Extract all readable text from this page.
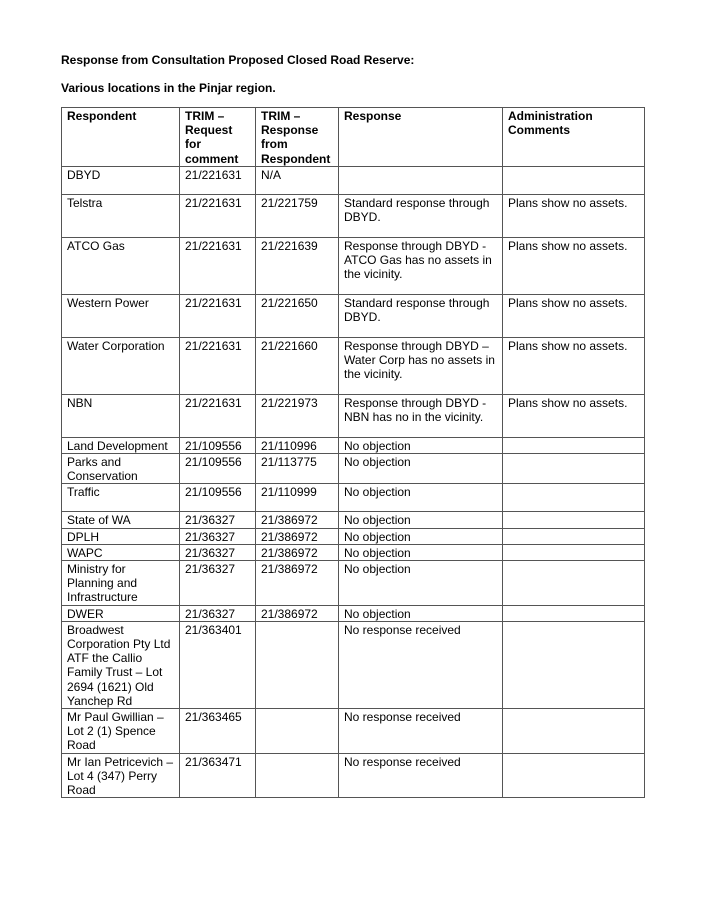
Response from Consultation Proposed Closed Road Reserve:

Various locations in the Pinjar region.

Respondent	TRIM – Request for comment	TRIM – Response from Respondent	Response	Administration Comments
DBYD	21/221631	N/A		
Telstra	21/221631	21/221759	Standard response through DBYD.	Plans show no assets.
ATCO Gas	21/221631	21/221639	Response through DBYD - ATCO Gas has no assets in the vicinity.	Plans show no assets.
Western Power	21/221631	21/221650	Standard response through DBYD.	Plans show no assets.
Water Corporation	21/221631	21/221660	Response through DBYD – Water Corp has no assets in the vicinity.	Plans show no assets.
NBN	21/221631	21/221973	Response through DBYD - NBN has no in the vicinity.	Plans show no assets.
Land Development	21/109556	21/110996	No objection	
Parks and Conservation	21/109556	21/113775	No objection	
Traffic	21/109556	21/110999	No objection	
State of WA	21/36327	21/386972	No objection	
DPLH	21/36327	21/386972	No objection	
WAPC	21/36327	21/386972	No objection	
Ministry for Planning and Infrastructure	21/36327	21/386972	No objection	
DWER	21/36327	21/386972	No objection	
Broadwest Corporation Pty Ltd ATF the Callio Family Trust – Lot 2694 (1621) Old Yanchep Rd	21/363401		No response received	
Mr Paul Gwillian – Lot 2 (1) Spence Road	21/363465		No response received	
Mr Ian Petricevich – Lot 4 (347) Perry Road	21/363471		No response received	
